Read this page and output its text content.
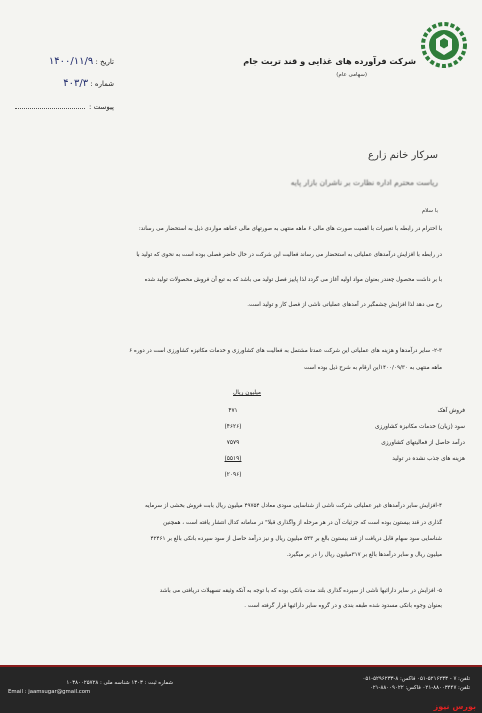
شرکت فرآورده های غذایی و قند تربت جام
(سهامی عام)
تاریخ : ۱۴۰۰/۱۱/۹
شماره : ۴۰۳/۳
پیوست :
سرکار خانم زارع
ریاست محترم اداره نظارت بر ناشران بازار پایه
با سلام
با احترام در رابطه با تغییرات با اهمیت صورت های مالی ۶ ماهه منتهی به صورتهای مالی ۶ماهه مواردی ذیل به استحضار می رساند:
در رابطه با افزایش درآمدهای عملیاتی به استحضار می رساند فعالیت این شرکت در حال حاضر فصلی بوده است به نحوی که تولید با
با بر داشت محصول چغندر بعنوان مواد اولیه آغاز می گردد لذا پاییز فصل تولید می باشد که به تبع آن فروش محصولات تولید شده
رخ می دهد لذا افزایش چشمگیر در آمدهای عملیاتی ناشی از فصل کار و تولید است.
۲-۳- سایر درآمدها و هزینه های عملیاتی این شرکت عمدتا مشتمل به فعالیت های کشاورزی و خدمات مکانیزه کشاورزی است در دوره ۶
ماهه منتهی به ۱۴۰۰/۰۹/۳۰این ارقام به شرح ذیل بوده است
میلیون ریال
فروش آهک
۴۷۱
سود (زیان) خدمات مکانیزه کشاورزی
(۴۶۲۶)
درآمد حاصل از فعالیتهای کشاورزی
۷۵۷۹
هزینه های جذب نشده در تولید
(۵۵۱۹)
(۲۰۹۶)
۴-افزایش سایر درآمدهای غیر عملیاتی شرکت ناشی از شناسایی سودی معادل ۴۹۷۵۴ میلیون ریال بابت فروش بخشی از سرمایه
گذاری در قند بیستون بوده است که جزئیات آن در هر مرحله از واگذاری قبلا" در سامانه کدال انتشار یافته است ، همچنین
شناسایی سود سهام قابل دریافت از قند بیستون بالغ بر ۵۴۳ میلیون ریال و نیز درآمد حاصل از سود سپرده بانکی بالغ بر ۴۲۴۶۱
میلیون ریال و سایر درآمدها بالغ بر ۳۱۷میلیون ریال را در بر میگیرد.
۵- افزایش در سایر دارائیها ناشی از سپرده گذاری بلند مدت بانکی بوده که با توجه به آنکه وثیقه تسهیلات دریافتی می باشد
بعنوان وجوه بانکی مسدود شده طبقه بندی و در گروه سایر دارائیها قرار گرفته است .
تلفن: ۷ - ۵۲۱۶۲۳۳-۰۵۱ فاکس: ۸-۵۲۹۶۲۳۳-۰۵۱
تلفن: ۸۸۰۰۳۴۴۷-۰۲۱ فاکس: ۸۸۰۰۹۰۲۲-۰۲۱
شماره ثبت : ۱۳۰۳ شناسه ملی : ۱۰۳۸۰۰۲۵۷۲۸
Email : jaamsugar@gmail.com
بورس نیوز
